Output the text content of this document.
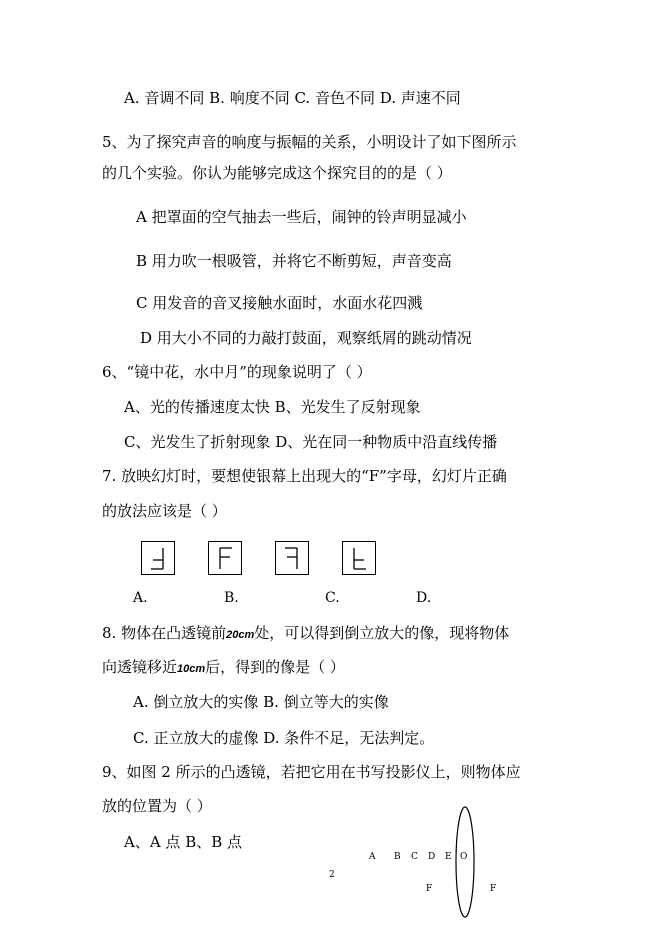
A. 音调不同 B. 响度不同 C. 音色不同 D. 声速不同
5、为了探究声音的响度与振幅的关系，小明设计了如下图所示
的几个实验。你认为能够完成这个探究目的的是（ ）
A 把罩面的空气抽去一些后，闹钟的铃声明显减小
B 用力吹一根吸管，并将它不断剪短，声音变高
C 用发音的音叉接触水面时，水面水花四溅
D 用大小不同的力敲打鼓面，观察纸屑的跳动情况
6、“镜中花，水中月”的现象说明了（ ）
A、光的传播速度太快 B、光发生了反射现象
C、光发生了折射现象 D、光在同一种物质中沿直线传播
7. 放映幻灯时，要想使银幕上出现大的“F”字母，幻灯片正确
的放法应该是（ ）
A.	B.	C.	D.
8. 物体在凸透镜前20cm处，可以得到倒立放大的像，现将物体
向透镜移近10cm后，得到的像是（ ）
A. 倒立放大的实像 B. 倒立等大的实像
C. 正立放大的虚像 D. 条件不足，无法判定。
9、如图 2 所示的凸透镜，若把它用在书写投影仪上，则物体应
放的位置为（ ）
A、A 点 B、B 点
2
A B C D E O
F	F
